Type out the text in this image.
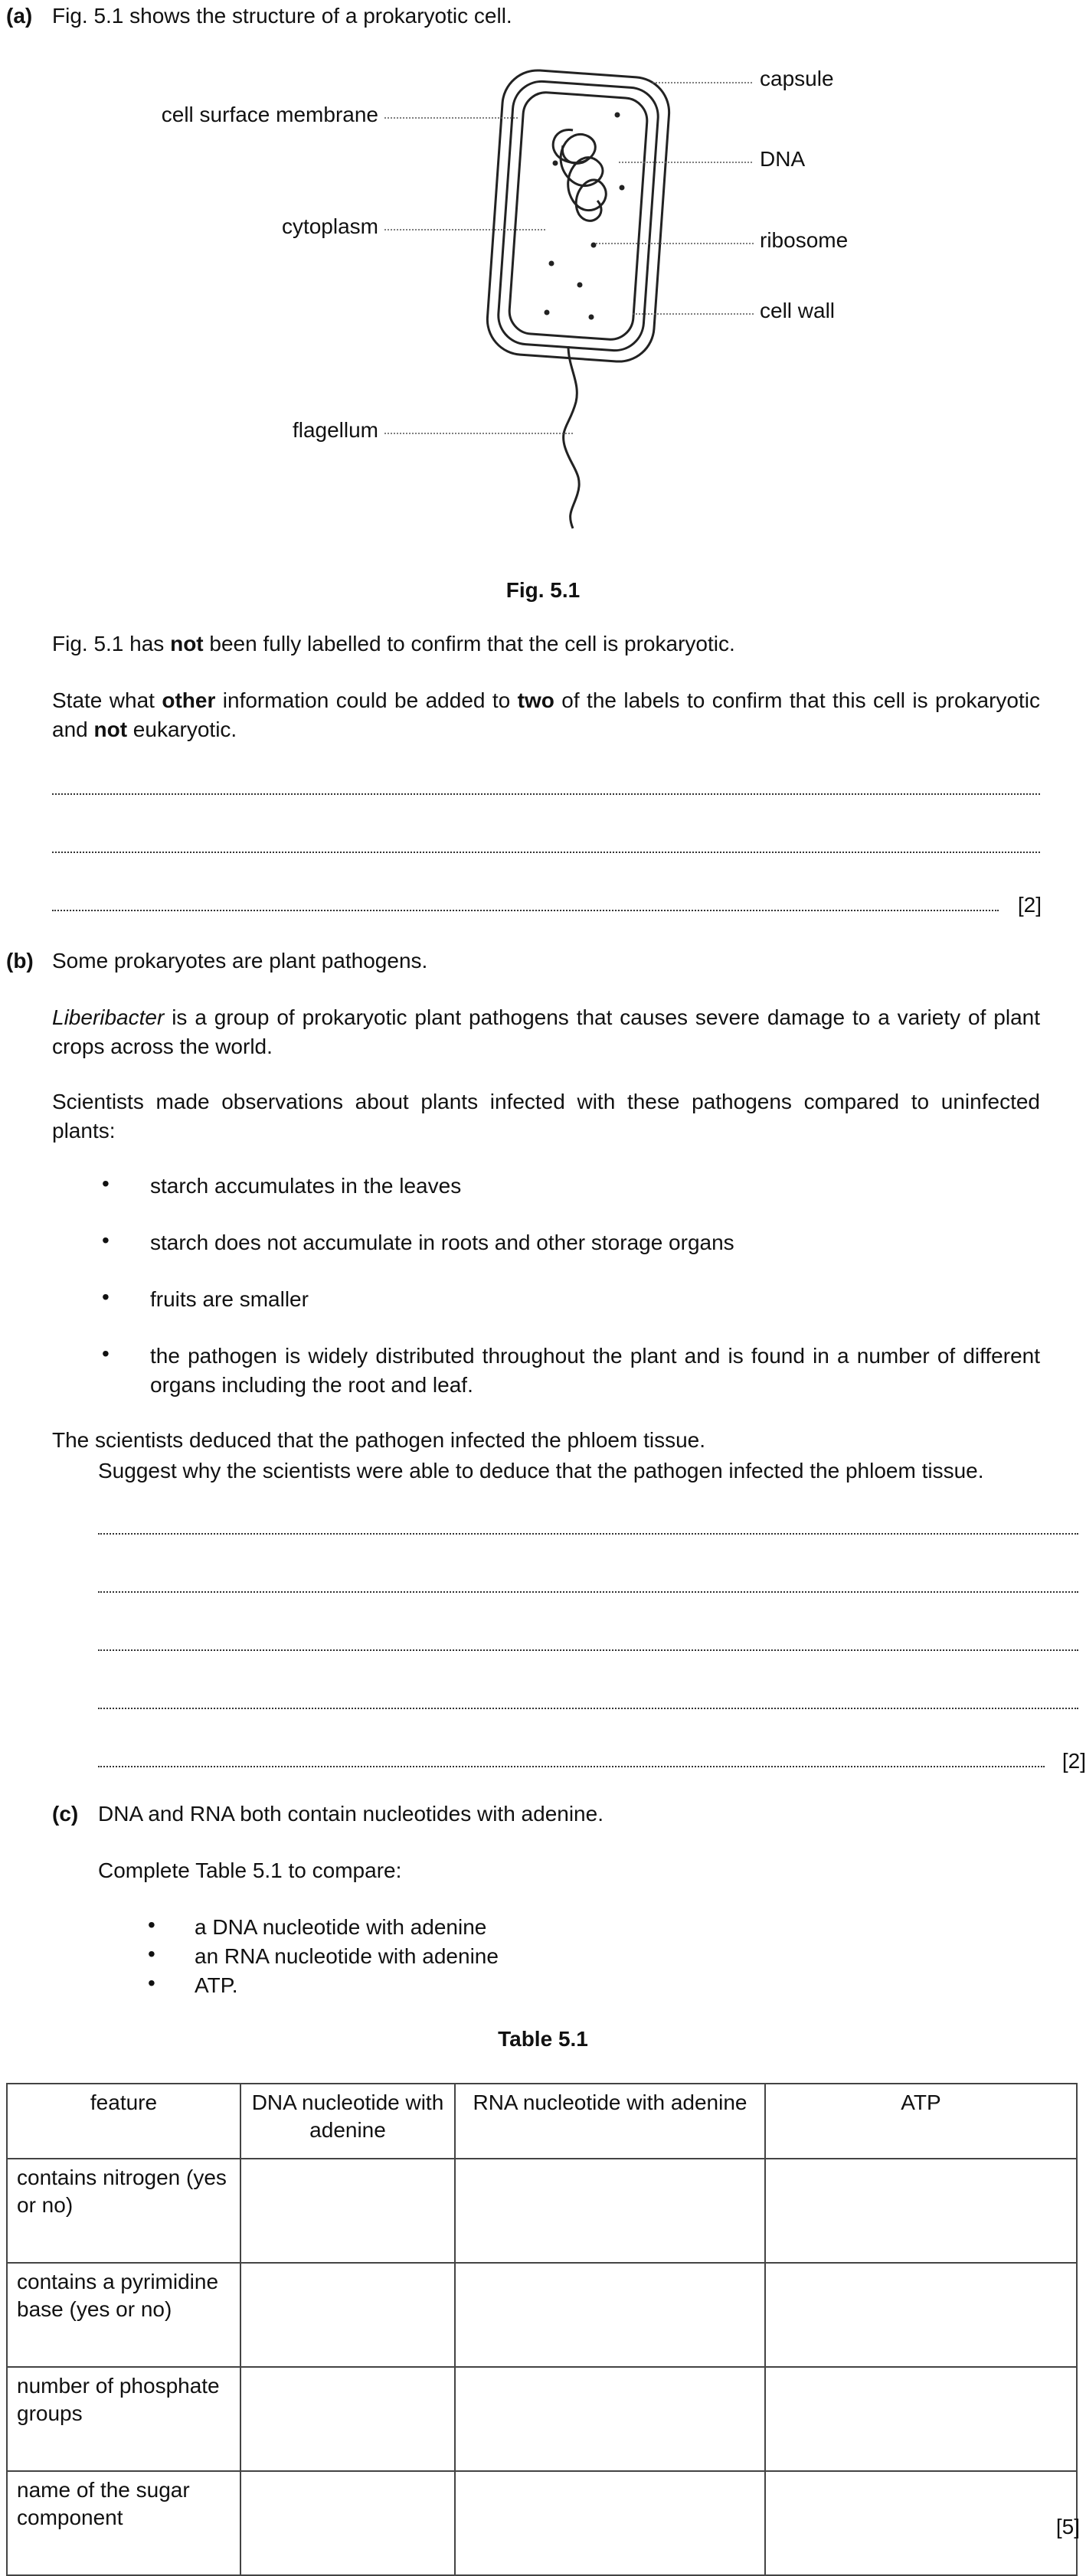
(a) Fig. 5.1 shows the structure of a prokaryotic cell.
capsule
cell surface membrane
DNA
cytoplasm
ribosome
cell wall
flagellum
Fig. 5.1
Fig. 5.1 has not been fully labelled to confirm that the cell is prokaryotic.
State what other information could be added to two of the labels to confirm that this cell is prokaryotic and not eukaryotic.
[2]
(b) Some prokaryotes are plant pathogens.
Liberibacter is a group of prokaryotic plant pathogens that causes severe damage to a variety of plant crops across the world.
Scientists made observations about plants infected with these pathogens compared to uninfected plants:
• starch accumulates in the leaves
• starch does not accumulate in roots and other storage organs
• fruits are smaller
• the pathogen is widely distributed throughout the plant and is found in a number of different organs including the root and leaf.
The scientists deduced that the pathogen infected the phloem tissue.
Suggest why the scientists were able to deduce that the pathogen infected the phloem tissue.
[2]
(c) DNA and RNA both contain nucleotides with adenine.
Complete Table 5.1 to compare:
• a DNA nucleotide with adenine
• an RNA nucleotide with adenine
• ATP.
Table 5.1
feature	DNA nucleotide with adenine	RNA nucleotide with adenine	ATP
contains nitrogen (yes or no)			
contains a pyrimidine base (yes or no)			
number of phosphate groups			
name of the sugar component				[5]
